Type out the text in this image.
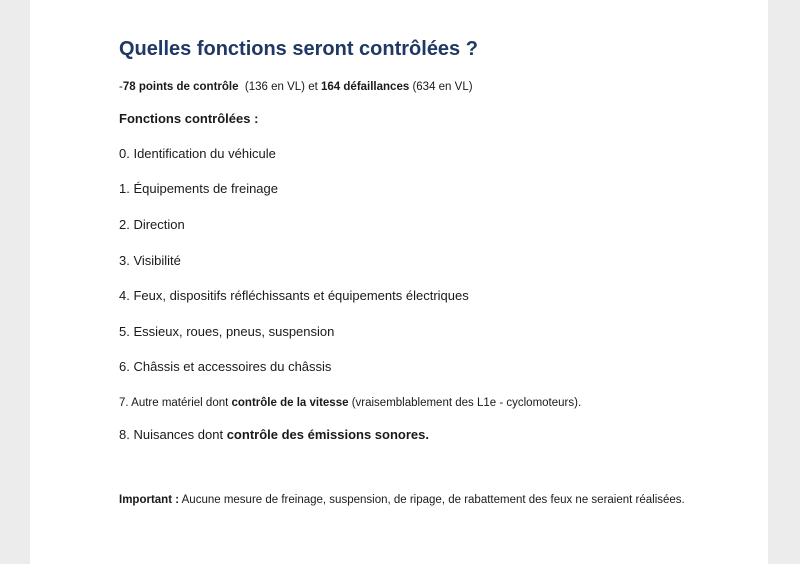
Quelles fonctions seront contrôlées ?
-78 points de contrôle (136 en VL) et 164 défaillances (634 en VL)
Fonctions contrôlées :
0. Identification du véhicule
1. Équipements de freinage
2. Direction
3. Visibilité
4. Feux, dispositifs réfléchissants et équipements électriques
5. Essieux, roues, pneus, suspension
6. Châssis et accessoires du châssis
7. Autre matériel dont contrôle de la vitesse (vraisemblablement des L1e - cyclomoteurs).
8. Nuisances dont contrôle des émissions sonores.
Important : Aucune mesure de freinage, suspension, de ripage, de rabattement des feux ne seraient réalisées.
